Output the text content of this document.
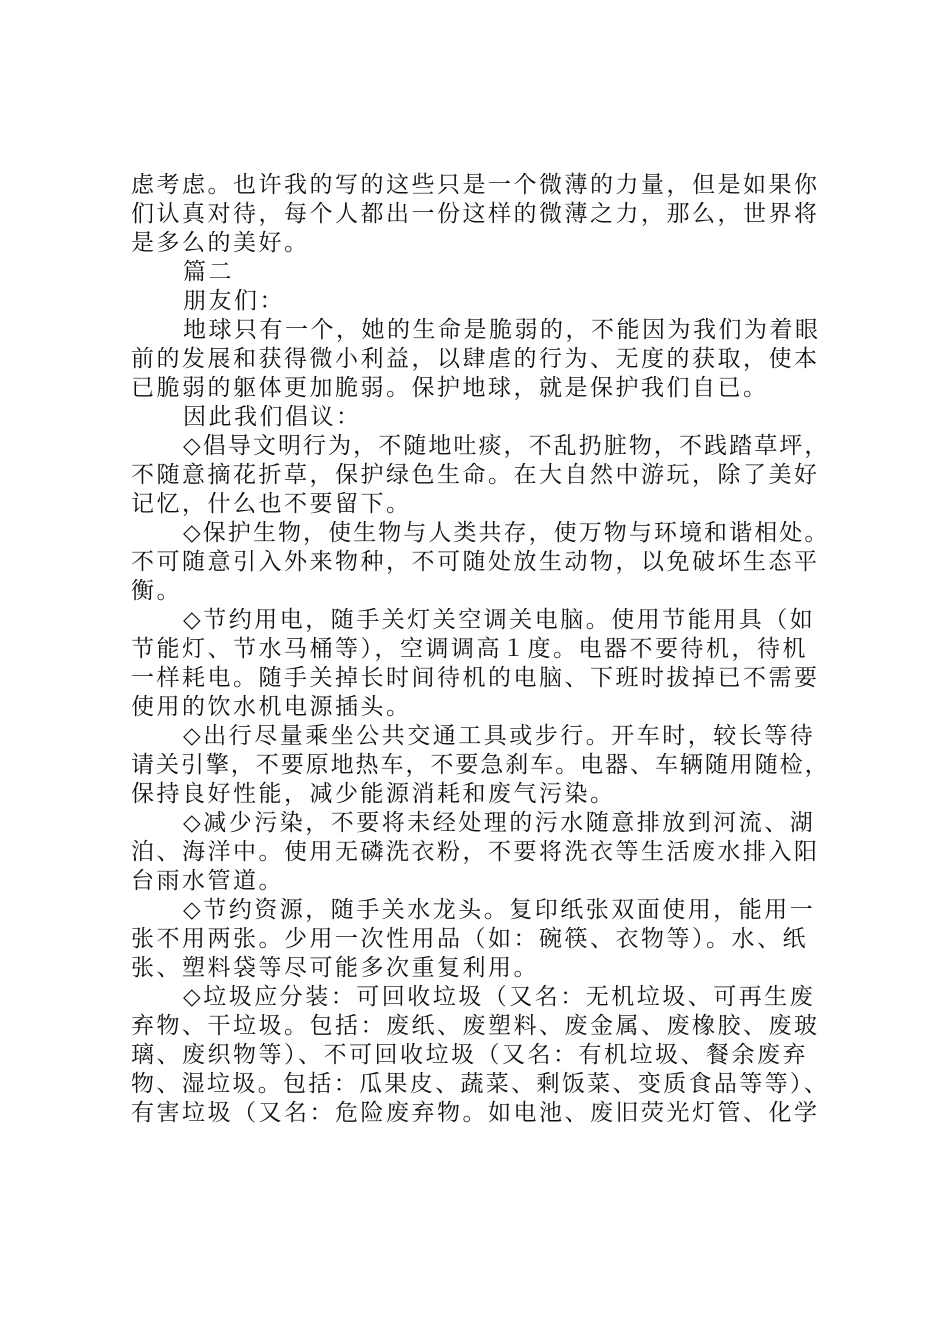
虑考虑。也许我的写的这些只是一个微薄的力量，但是如果你
们认真对待，每个人都出一份这样的微薄之力，那么，世界将
是多么的美好。
篇二
朋友们：
地球只有一个，她的生命是脆弱的，不能因为我们为着眼
前的发展和获得微小利益，以肆虐的行为、无度的获取，使本
已脆弱的躯体更加脆弱。保护地球，就是保护我们自已。
因此我们倡议：
◇倡导文明行为，不随地吐痰，不乱扔脏物，不践踏草坪，
不随意摘花折草，保护绿色生命。在大自然中游玩，除了美好
记忆，什么也不要留下。
◇保护生物，使生物与人类共存，使万物与环境和谐相处。
不可随意引入外来物种，不可随处放生动物，以免破坏生态平
衡。
◇节约用电，随手关灯关空调关电脑。使用节能用具（如
节能灯、节水马桶等），空调调高１度。电器不要待机，待机
一样耗电。随手关掉长时间待机的电脑、下班时拔掉已不需要
使用的饮水机电源插头。
◇出行尽量乘坐公共交通工具或步行。开车时，较长等待
请关引擎，不要原地热车，不要急刹车。电器、车辆随用随检，
保持良好性能，减少能源消耗和废气污染。
◇减少污染，不要将未经处理的污水随意排放到河流、湖
泊、海洋中。使用无磷洗衣粉，不要将洗衣等生活废水排入阳
台雨水管道。
◇节约资源，随手关水龙头。复印纸张双面使用，能用一
张不用两张。少用一次性用品（如：碗筷、衣物等）。水、纸
张、塑料袋等尽可能多次重复利用。
◇垃圾应分装：可回收垃圾（又名：无机垃圾、可再生废
弃物、干垃圾。包括：废纸、废塑料、废金属、废橡胶、废玻
璃、废织物等）、不可回收垃圾（又名：有机垃圾、餐余废弃
物、湿垃圾。包括：瓜果皮、蔬菜、剩饭菜、变质食品等等）、
有害垃圾（又名：危险废弃物。如电池、废旧荧光灯管、化学
